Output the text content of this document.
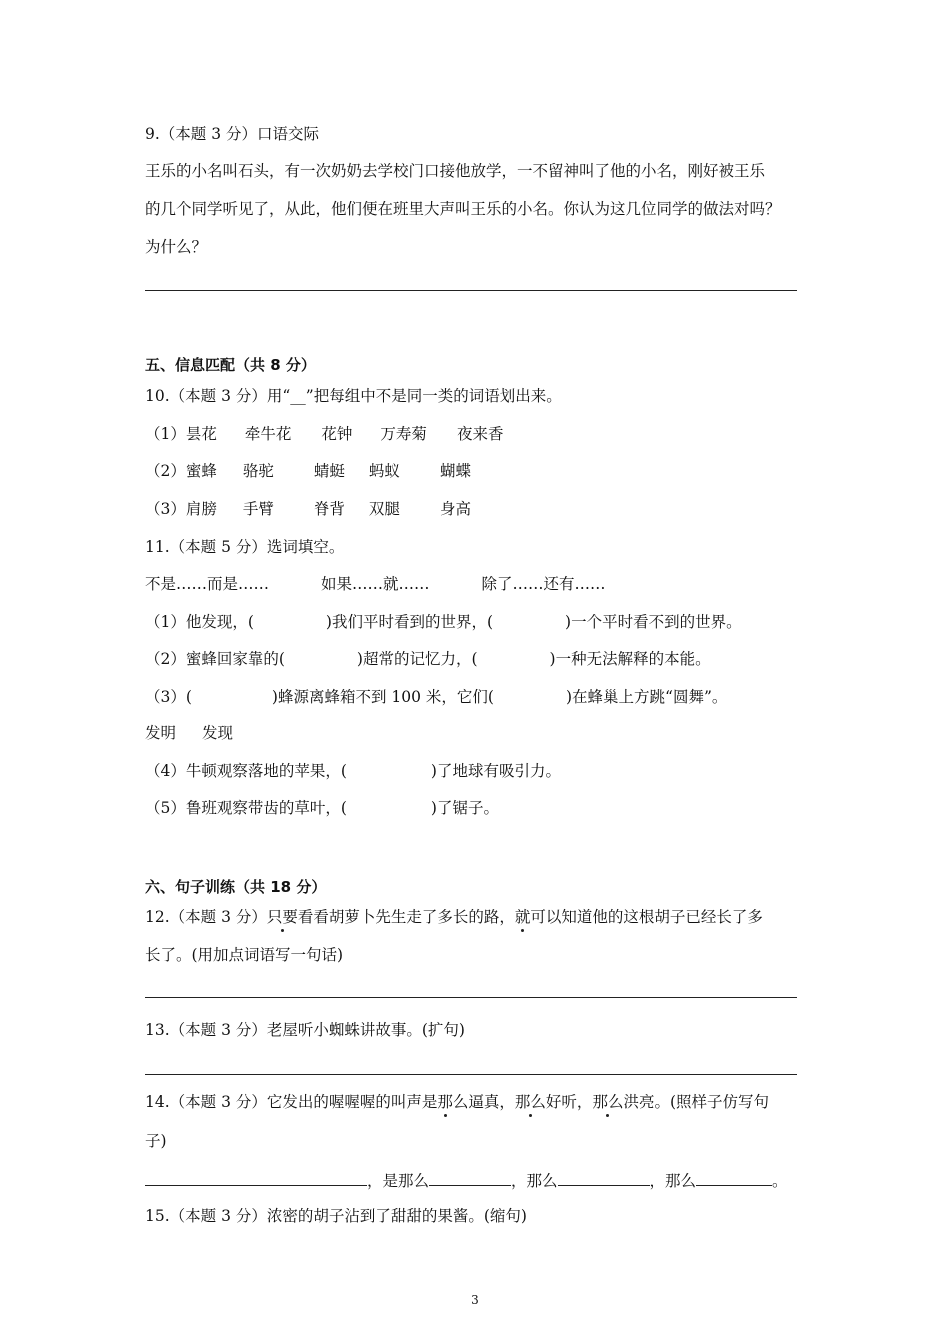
9.（本题 3 分）口语交际
王乐的小名叫石头，有一次奶奶去学校门口接他放学，一不留神叫了他的小名，刚好被王乐
的几个同学听见了，从此，他们便在班里大声叫王乐的小名。你认为这几位同学的做法对吗？
为什么？
五、信息匹配（共 8 分）
10.（本题 3 分）用“__”把每组中不是同一类的词语划出来。
（1）昙花 牵牛花 花钟 万寿菊 夜来香
（2）蜜蜂 骆驼	蜻蜓 蚂蚁	蝴蝶
（3）肩膀 手臂	脊背 双腿	身高
11.（本题 5 分）选词填空。
不是……而是……	如果……就……	除了……还有……
（1）他发现，(	)我们平时看到的世界，(	)一个平时看不到的世界。
（2）蜜蜂回家靠的(	)超常的记忆力，(	)一种无法解释的本能。
（3）(	)蜂源离蜂箱不到 100 米，它们(	)在蜂巢上方跳“圆舞”。
发明 发现
（4）牛顿观察落地的苹果，(	)了地球有吸引力。
（5）鲁班观察带齿的草叶，(	)了锯子。
六、句子训练（共 18 分）
12.（本题 3 分）只要看看胡萝卜先生走了多长的路，就可以知道他的这根胡子已经长了多
长了。(用加点词语写一句话)
13.（本题 3 分）老屋听小蜘蛛讲故事。(扩句)
14.（本题 3 分）它发出的喔喔喔的叫声是那么逼真，那么好听，那么洪亮。(照样子仿写句
子)
，是那么	，那么	，那么	。
15.（本题 3 分）浓密的胡子沾到了甜甜的果酱。(缩句)
3
